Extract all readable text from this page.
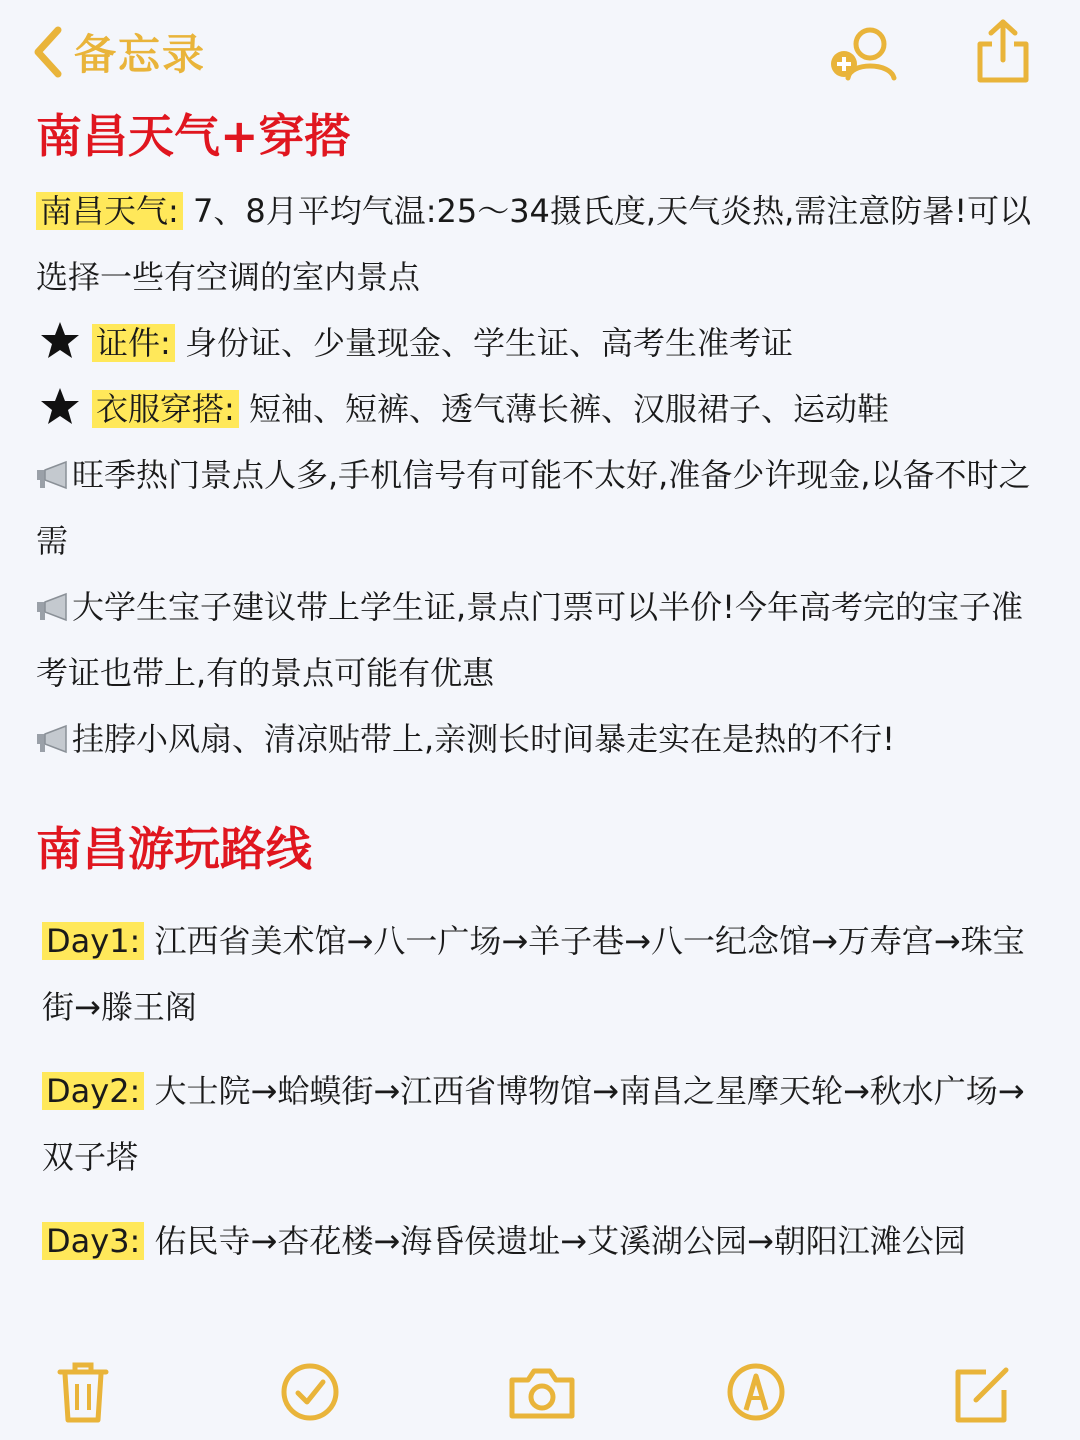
备忘录
南昌天气+穿搭

南昌天气: 7、8月平均气温:25～34摄氏度,天气炎热,需注意防暑!可以选择一些有空调的室内景点

证件: 身份证、少量现金、学生证、高考生准考证

衣服穿搭: 短袖、短裤、透气薄长裤、汉服裙子、运动鞋

旺季热门景点人多,手机信号有可能不太好,准备少许现金,以备不时之需

大学生宝子建议带上学生证,景点门票可以半价!今年高考完的宝子准考证也带上,有的景点可能有优惠

挂脖小风扇、清凉贴带上,亲测长时间暴走实在是热的不行!

南昌游玩路线

Day1: 江西省美术馆→八一广场→羊子巷→八一纪念馆→万寿宫→珠宝街→滕王阁

Day2: 大士院→蛤蟆街→江西省博物馆→南昌之星摩天轮→秋水广场→双子塔

Day3: 佑民寺→杏花楼→海昏侯遗址→艾溪湖公园→朝阳江滩公园
